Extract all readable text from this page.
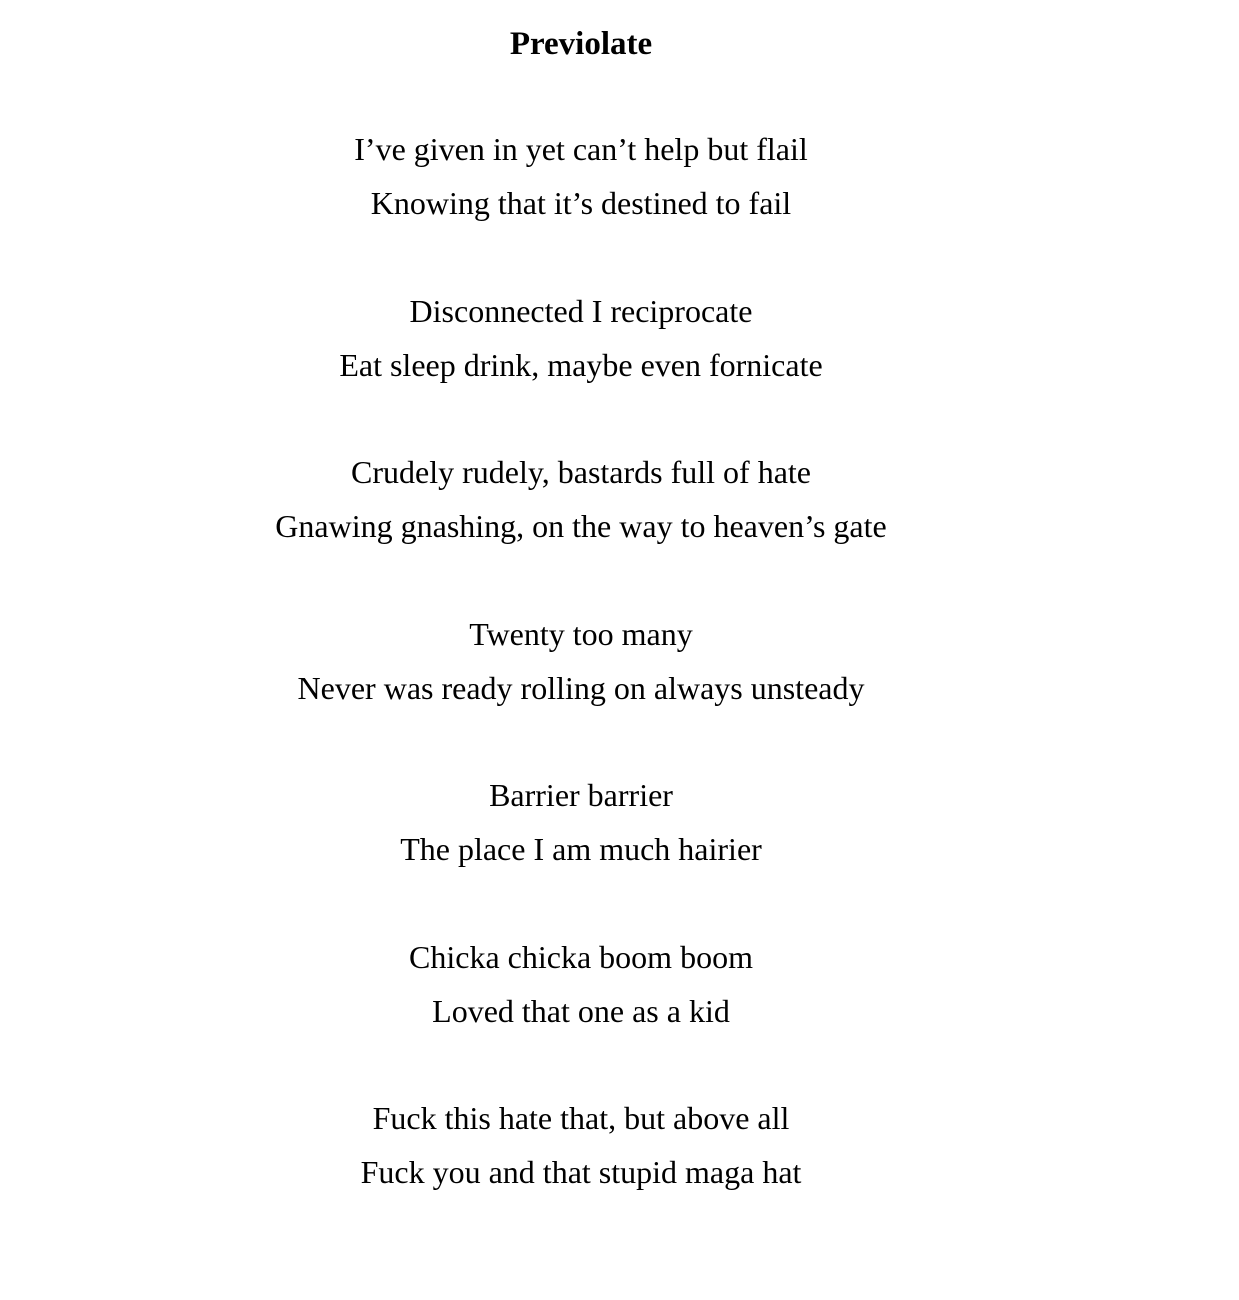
Previolate
I’ve given in yet can’t help but flail
Knowing that it’s destined to fail
Disconnected I reciprocate
Eat sleep drink, maybe even fornicate
Crudely rudely, bastards full of hate
Gnawing gnashing, on the way to heaven’s gate
Twenty too many
Never was ready rolling on always unsteady
Barrier barrier
The place I am much hairier
Chicka chicka boom boom
Loved that one as a kid
Fuck this hate that, but above all
Fuck you and that stupid maga hat
